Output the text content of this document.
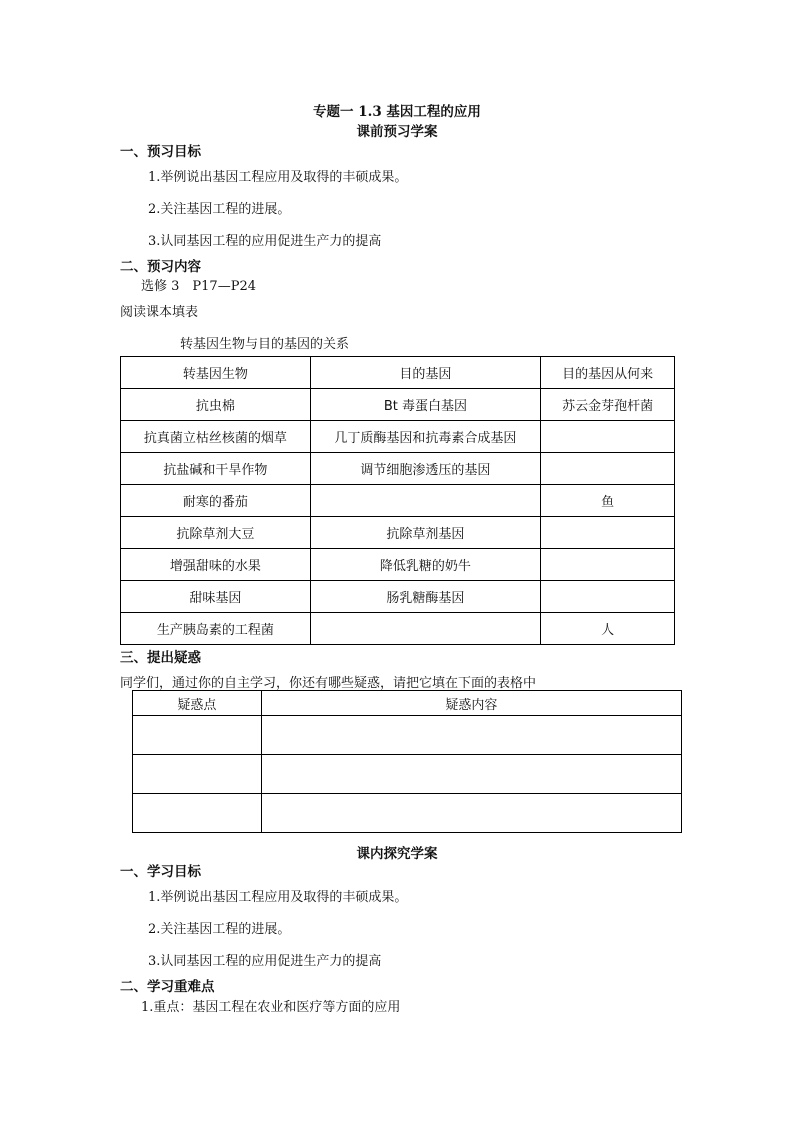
专题一 1.3 基因工程的应用
课前预习学案
一、预习目标
1.举例说出基因工程应用及取得的丰硕成果。
2.关注基因工程的进展。
3.认同基因工程的应用促进生产力的提高
二、预习内容
选修 3　P17—P24
阅读课本填表
转基因生物与目的基因的关系
转基因生物	目的基因	目的基因从何来
抗虫棉	Bt 毒蛋白基因	苏云金芽孢杆菌
抗真菌立枯丝核菌的烟草	几丁质酶基因和抗毒素合成基因	
抗盐碱和干旱作物	调节细胞渗透压的基因	
耐寒的番茄		鱼
抗除草剂大豆	抗除草剂基因	
增强甜味的水果	降低乳糖的奶牛	
甜味基因	肠乳糖酶基因	
生产胰岛素的工程菌		人
三、提出疑惑
同学们，通过你的自主学习，你还有哪些疑惑，请把它填在下面的表格中
疑惑点	疑惑内容

课内探究学案
一、学习目标
1.举例说出基因工程应用及取得的丰硕成果。
2.关注基因工程的进展。
3.认同基因工程的应用促进生产力的提高
二、学习重难点
1.重点：基因工程在农业和医疗等方面的应用
